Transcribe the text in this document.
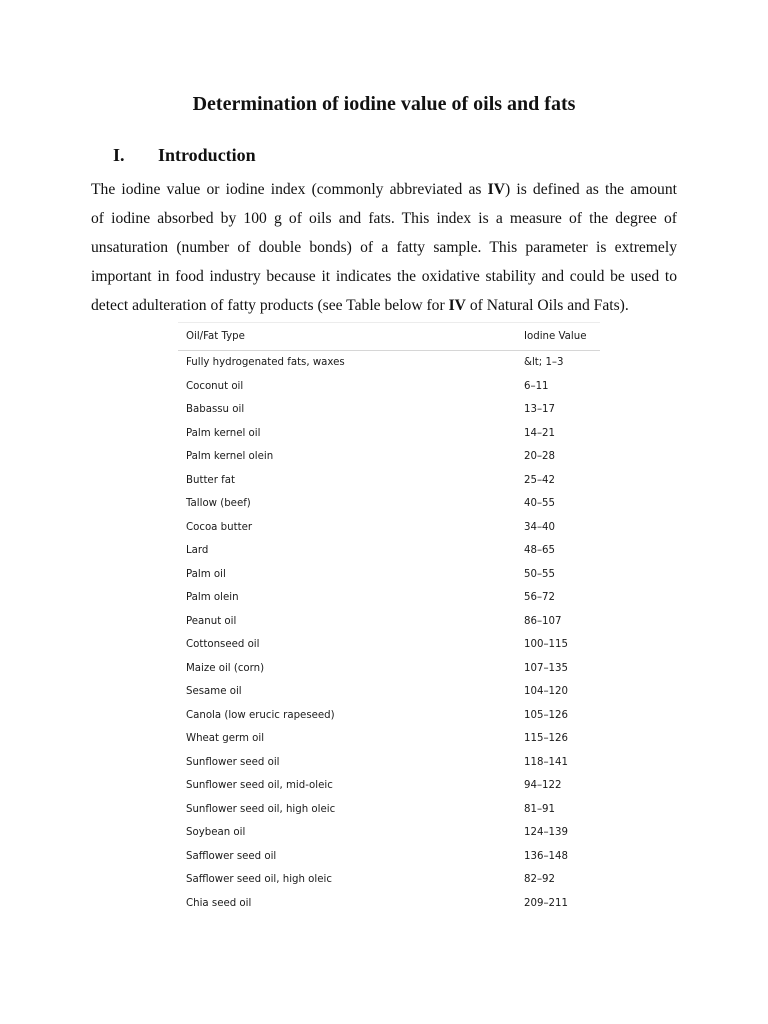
Determination of iodine value of oils and fats
I. Introduction
The iodine value or iodine index (commonly abbreviated as IV) is defined as the amount
of iodine absorbed by 100 g of oils and fats. This index is a measure of the degree of
unsaturation (number of double bonds) of a fatty sample. This parameter is extremely
important in food industry because it indicates the oxidative stability and could be used to
detect adulteration of fatty products (see Table below for IV of Natural Oils and Fats).
Oil/Fat Type	Iodine Value
Fully hydrogenated fats, waxes	&lt; 1–3
Coconut oil	6–11
Babassu oil	13–17
Palm kernel oil	14–21
Palm kernel olein	20–28
Butter fat	25–42
Tallow (beef)	40–55
Cocoa butter	34–40
Lard	48–65
Palm oil	50–55
Palm olein	56–72
Peanut oil	86–107
Cottonseed oil	100–115
Maize oil (corn)	107–135
Sesame oil	104–120
Canola (low erucic rapeseed)	105–126
Wheat germ oil	115–126
Sunflower seed oil	118–141
Sunflower seed oil, mid-oleic	94–122
Sunflower seed oil, high oleic	81–91
Soybean oil	124–139
Safflower seed oil	136–148
Safflower seed oil, high oleic	82–92
Chia seed oil	209–211
